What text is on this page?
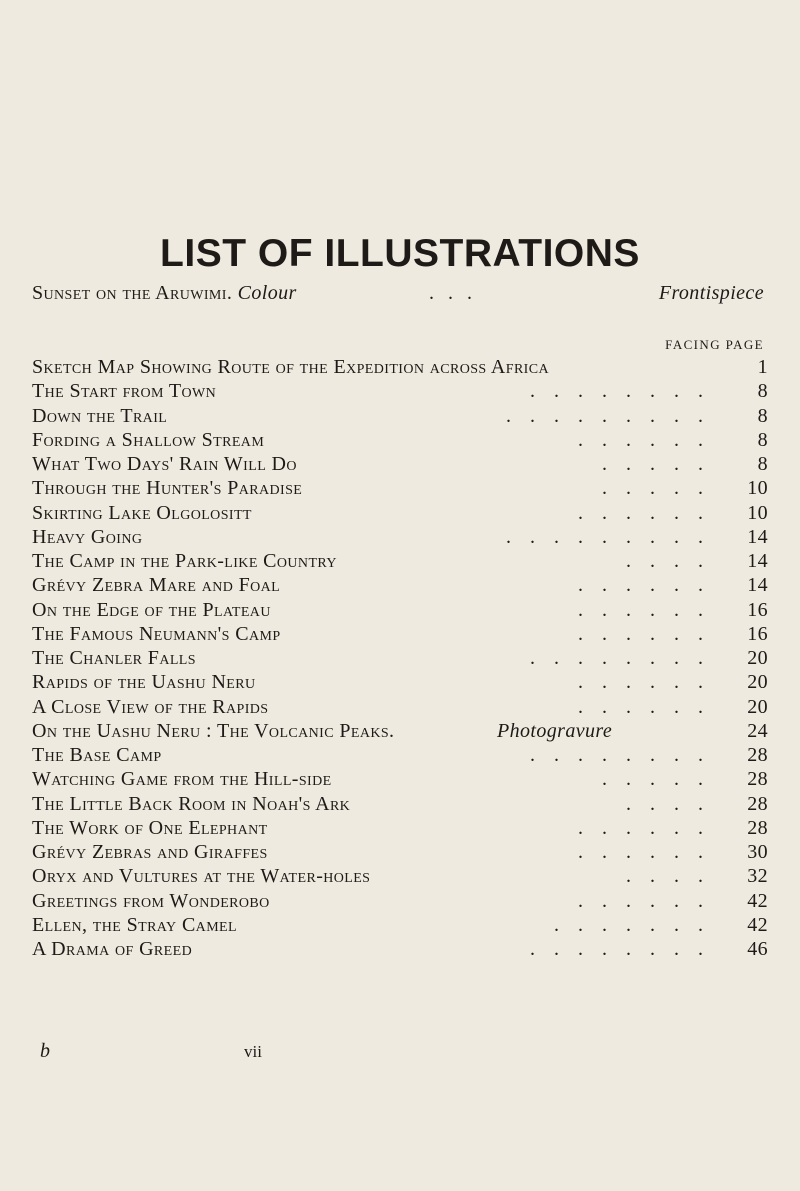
LIST OF ILLUSTRATIONS
Sunset on the Aruwimi. Colour	...	Frontispiece
FACING PAGE
Sketch Map Showing Route of the Expedition across Africa	1
The Start from Town	........	8
Down the Trail	.........	8
Fording a Shallow Stream	......	8
What Two Days' Rain Will Do	.....	8
Through the Hunter's Paradise	.....	10
Skirting Lake Olgolositt	......	10
Heavy Going	.........	14
The Camp in the Park-like Country	....	14
Grévy Zebra Mare and Foal	......	14
On the Edge of the Plateau	......	16
The Famous Neumann's Camp	......	16
The Chanler Falls	........	20
Rapids of the Uashu Neru	......	20
A Close View of the Rapids	......	20
On the Uashu Neru : The Volcanic Peaks.	Photogravure	24
The Base Camp	........	28
Watching Game from the Hill-side	.....	28
The Little Back Room in Noah's Ark	....	28
The Work of One Elephant	......	28
Grévy Zebras and Giraffes	......	30
Oryx and Vultures at the Water-holes	....	32
Greetings from Wonderobo	......	42
Ellen, the Stray Camel	.......	42
A Drama of Greed	........	46
b	vii
